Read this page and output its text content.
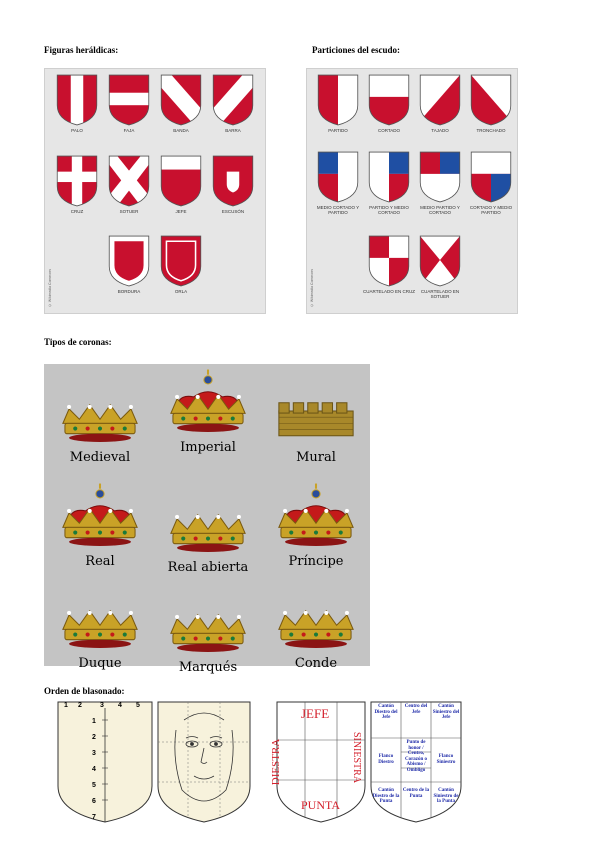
Figuras heráldicas:	Particiones del escudo:
Tipos de coronas:
Orden de blasonado:
© Wikimedia Commons
PALO	FAJA	BANDA	BARRA
CRUZ	SOTUER	JEFE	ESCUSÓN
BORDURA	ORLA	© Wikimedia Commons
PARTIDO	CORTADO	TAJADO	TRONCHADO
MEDIO CORTADO Y PARTIDO
PARTIDO Y MEDIO CORTADO
MEDIO PARTIDO Y CORTADO
CORTADO Y MEDIO PARTIDO
CUARTELADO EN CRUZ	CUARTELADO EN SOTUER
Medieval
Imperial
Mural
Real	Real abierta	Príncipe
Duque	Marqués	Conde
1 2	3 4 5
1
2
3
4
5
6
7
JEFE
DIESTRA	SINIESTRA
PUNTA
Cantón Diestro del Jefe
Centro del Jefe
Cantón Siniestro del Jefe
Flanco Diestro
Punto de honor / Centro, Corazón o Abismo / Ombligo
Flanco Siniestro
Cantón Diestro de la Punta
Centro de la Punta
Cantón Siniestro de la Punta
